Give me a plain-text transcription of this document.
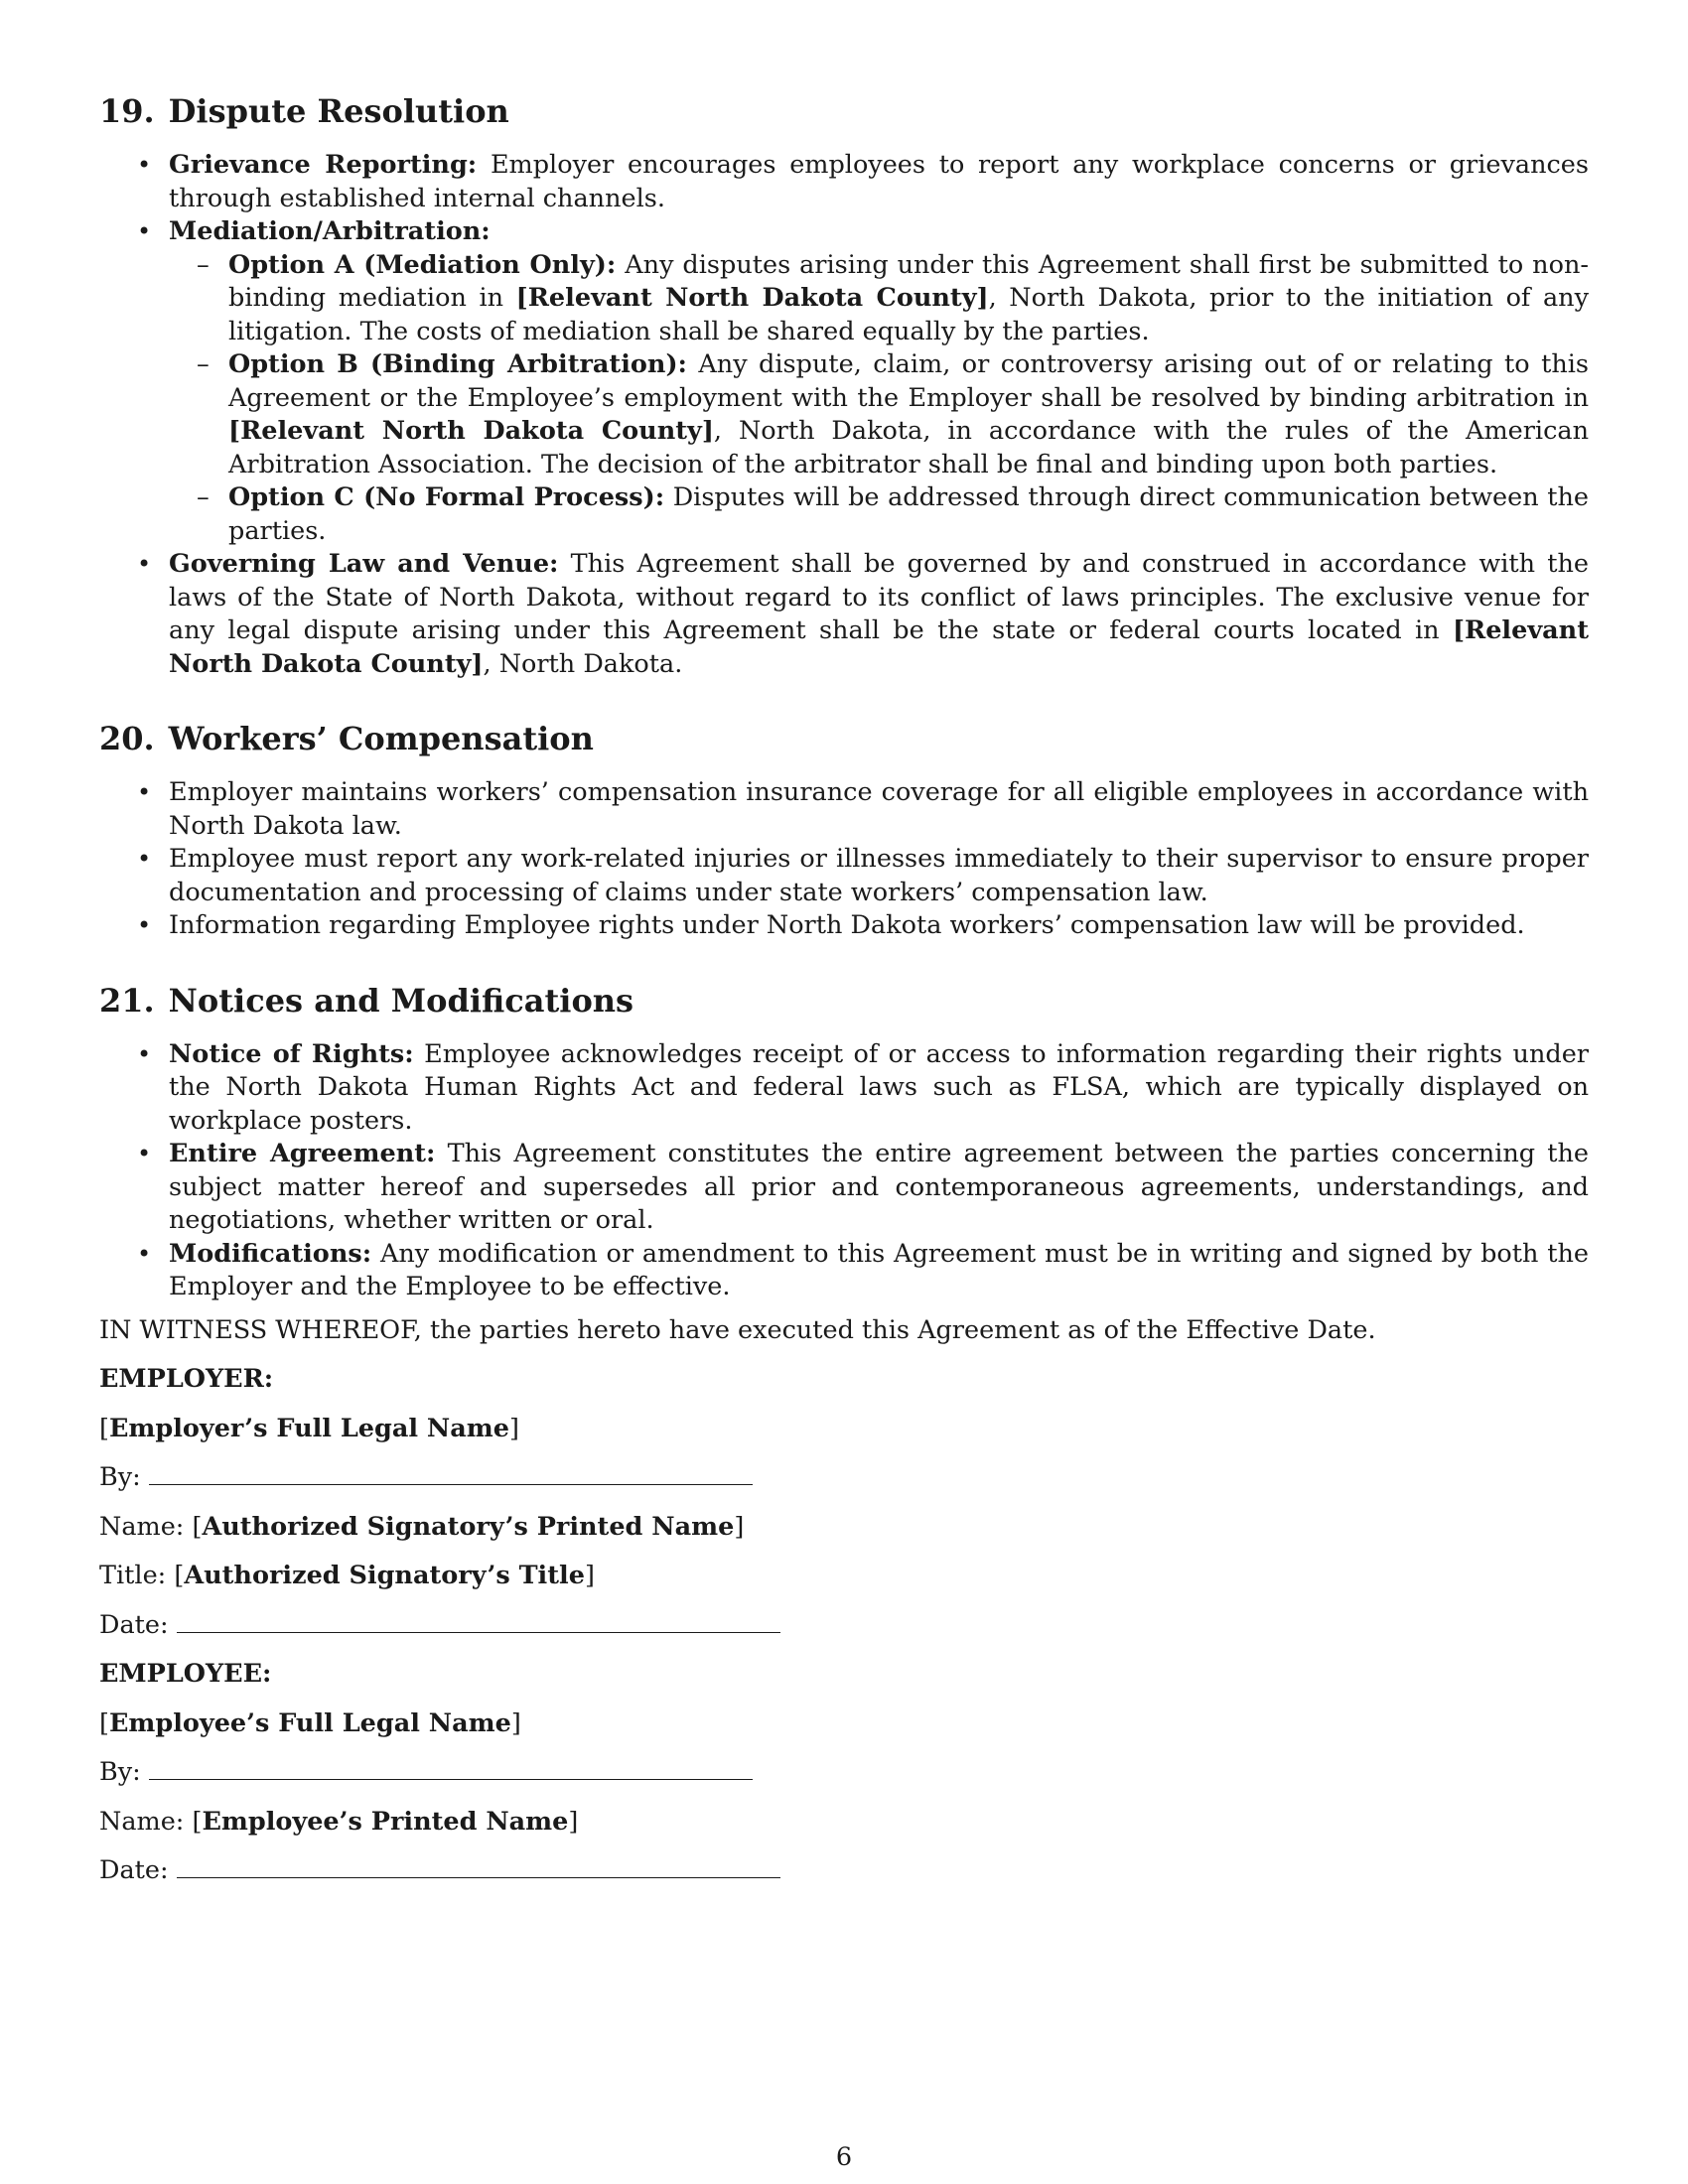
19. Dispute Resolution
• Grievance Reporting: Employer encourages employees to report any workplace concerns or grievances through established internal channels.
• Mediation/Arbitration:
– Option A (Mediation Only): Any disputes arising under this Agreement shall first be submitted to non-binding mediation in [Relevant North Dakota County], North Dakota, prior to the initiation of any litigation. The costs of mediation shall be shared equally by the parties.
– Option B (Binding Arbitration): Any dispute, claim, or controversy arising out of or relating to this Agreement or the Employee’s employment with the Employer shall be resolved by binding arbitration in [Relevant North Dakota County], North Dakota, in accordance with the rules of the American Arbitration Association. The decision of the arbitrator shall be final and binding upon both parties.
– Option C (No Formal Process): Disputes will be addressed through direct communication between the parties.
• Governing Law and Venue: This Agreement shall be governed by and construed in accordance with the laws of the State of North Dakota, without regard to its conflict of laws principles. The exclusive venue for any legal dispute arising under this Agreement shall be the state or federal courts located in [Relevant North Dakota County], North Dakota.
20. Workers’ Compensation
• Employer maintains workers’ compensation insurance coverage for all eligible employees in accordance with North Dakota law.
• Employee must report any work-related injuries or illnesses immediately to their supervisor to ensure proper documentation and processing of claims under state workers’ compensation law.
• Information regarding Employee rights under North Dakota workers’ compensation law will be provided.
21. Notices and Modifications
• Notice of Rights: Employee acknowledges receipt of or access to information regarding their rights under the North Dakota Human Rights Act and federal laws such as FLSA, which are typically displayed on workplace posters.
• Entire Agreement: This Agreement constitutes the entire agreement between the parties concerning the subject matter hereof and supersedes all prior and contemporaneous agreements, understandings, and negotiations, whether written or oral.
• Modifications: Any modification or amendment to this Agreement must be in writing and signed by both the Employer and the Employee to be effective.
IN WITNESS WHEREOF, the parties hereto have executed this Agreement as of the Effective Date.
EMPLOYER:
[Employer’s Full Legal Name]
By:
Name: [Authorized Signatory’s Printed Name]
Title: [Authorized Signatory’s Title]
Date:
EMPLOYEE:
[Employee’s Full Legal Name]
By:
Name: [Employee’s Printed Name]
Date:
6
